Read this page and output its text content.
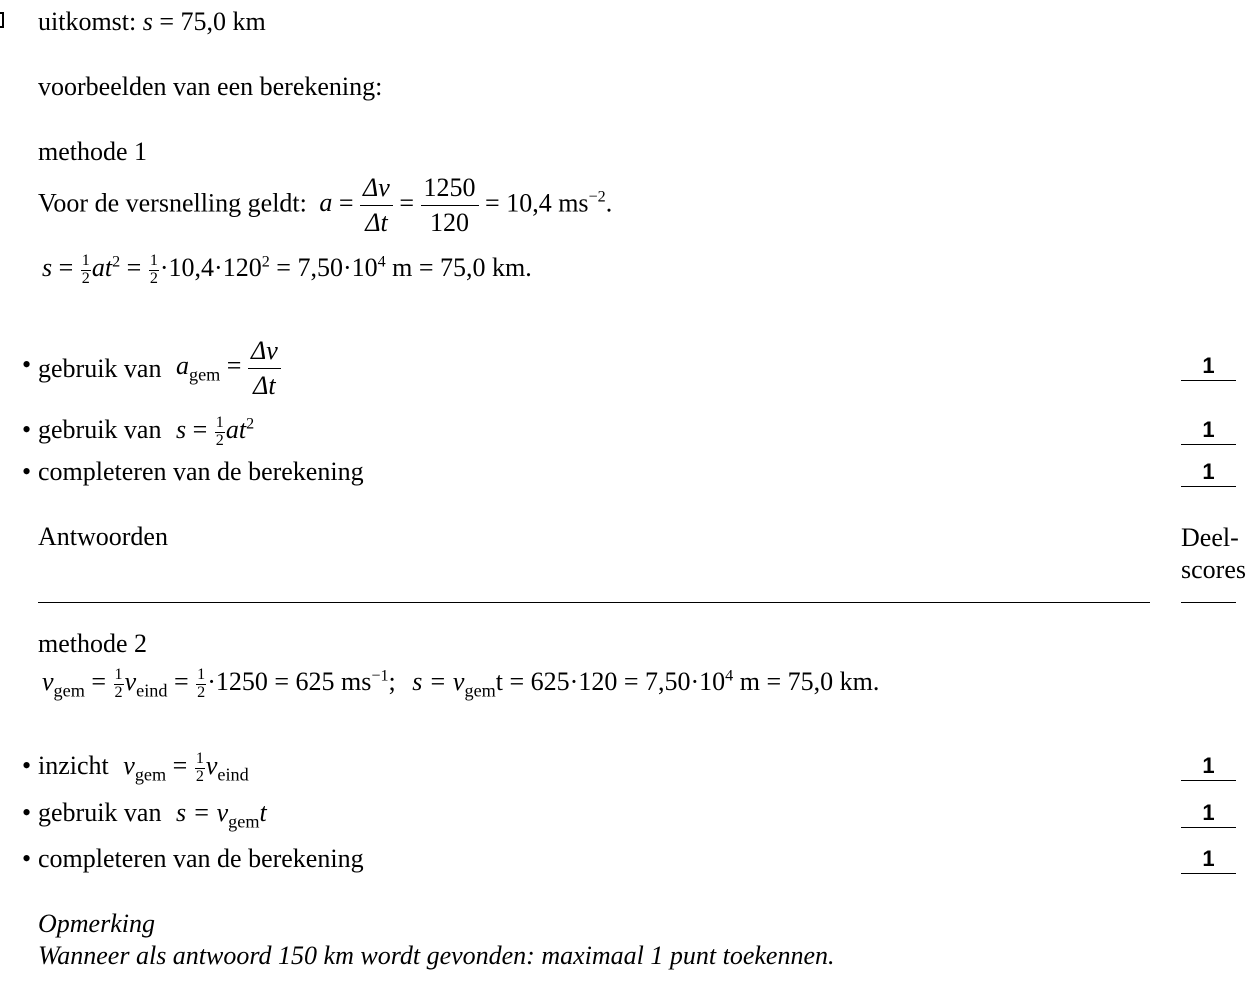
uitkomst: s = 75,0 km
voorbeelden van een berekening:
methode 1
Voor de versnelling geldt: $a = \frac{\Delta v}{\Delta t} = \frac{1250}{120} = 10,4$ $ms^{-2}$.
$s = \frac{1}{2} at^2 = \frac{1}{2} \cdot 10,4\cdot 120^2 = 7,50\cdot 10^4$ m = 75,0 km.
• gebruik van $a_{gem} = \frac{\Delta v}{\Delta t}$	1
• gebruik van $s = \frac{1}{2} at^2$	1
• completeren van de berekening	1
Antwoorden	Deel-
scores
methode 2
$v_{gem} = \frac{1}{2} v_{eind} = \frac{1}{2} \cdot 1250 = 625$ $ms^{-1}$; $s = v_{gem}t = 625\cdot 120 = 7,50\cdot 10^4$ m = 75,0 km.
• inzicht $v_{gem} = \frac{1}{2} v_{eind}$	1
• gebruik van $s = v_{gem}t$	1
• completeren van de berekening	1
Opmerking
Wanneer als antwoord 150 km wordt gevonden: maximaal 1 punt toekennen.
